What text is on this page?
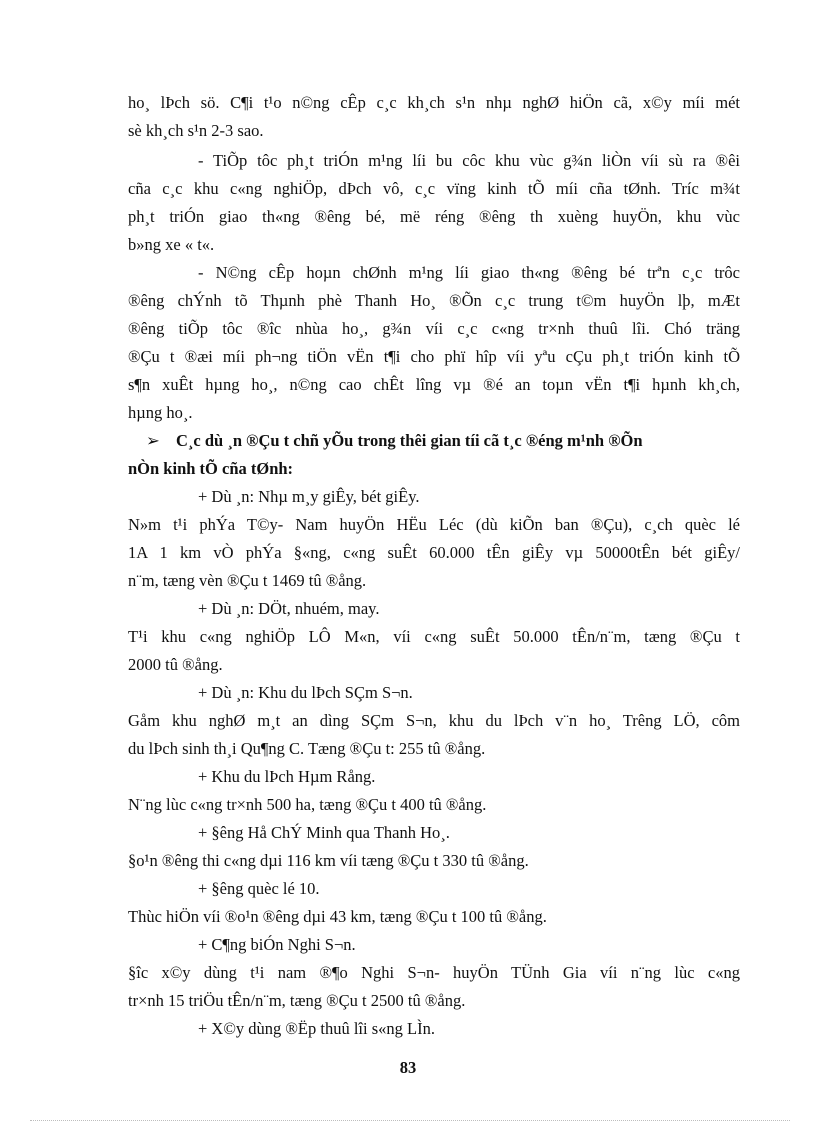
ho¸ lÞch sö. C¶i t¹o n©ng cÊp c¸c kh¸ch s¹n nhµ nghØ hiÖn cã, x©y míi mét
sè kh¸ch s¹n 2-3 sao.
- TiÕp tôc ph¸t triÓn m¹ng líi bu côc khu vùc g¾n liÒn víi sù ra ®êi
cña c¸c khu c«ng nghiÖp, dÞch vô, c¸c vïng kinh tÕ míi cña tØnh. Tríc m¾t
ph¸t triÓn giao th«ng ®êng bé, më réng ®êng th xuèng huyÖn, khu vùc
b»ng xe « t«.
- N©ng cÊp hoµn chØnh m¹ng líi giao th«ng ®êng bé trªn c¸c trôc
®êng chÝnh tõ Thµnh phè Thanh Ho¸ ®Õn c¸c trung t©m huyÖn lþ, mÆt
®êng tiÕp tôc ®îc nhùa ho¸, g¾n víi c¸c c«ng tr×nh thuû lîi. Chó träng
®Çu t ®æi míi ph¬ng tiÖn vËn t¶i cho phï hîp víi yªu cÇu ph¸t triÓn kinh tÕ
s¶n xuÊt hµng ho¸, n©ng cao chÊt lîng vµ ®é an toµn vËn t¶i hµnh kh¸ch,
hµng ho¸.
➢ C¸c dù ¸n ®Çu t chñ yÕu trong thêi gian tíi cã t¸c ®éng m¹nh ®Õn
nÒn kinh tÕ cña tØnh:
+ Dù ¸n: Nhµ m¸y giÊy, bét giÊy.
N»m t¹i phÝa T©y- Nam huyÖn HËu Léc (dù kiÕn ban ®Çu), c¸ch quèc lé
1A 1 km vÒ phÝa §«ng, c«ng suÊt 60.000 tÊn giÊy vµ 50000tÊn bét giÊy/
n¨m, tæng vèn ®Çu t 1469 tû ®ång.
+ Dù ¸n: DÖt, nhuém, may.
T¹i khu c«ng nghiÖp LÔ M«n, víi c«ng suÊt 50.000 tÊn/n¨m, tæng ®Çu t
2000 tû ®ång.
+ Dù ¸n: Khu du lÞch SÇm S¬n.
Gåm khu nghØ m¸t an dìng SÇm S¬n, khu du lÞch v¨n ho¸ Trêng LÖ, côm
du lÞch sinh th¸i Qu¶ng C. Tæng ®Çu t: 255 tû ®ång.
+ Khu du lÞch Hµm Rång.
N¨ng lùc c«ng tr×nh 500 ha, tæng ®Çu t 400 tû ®ång.
+ §êng Hå ChÝ Minh qua Thanh Ho¸.
§o¹n ®êng thi c«ng dµi 116 km víi tæng ®Çu t 330 tû ®ång.
+ §êng quèc lé 10.
Thùc hiÖn víi ®o¹n ®êng dµi 43 km, tæng ®Çu t 100 tû ®ång.
+ C¶ng biÓn Nghi S¬n.
§îc x©y dùng t¹i nam ®¶o Nghi S¬n- huyÖn TÜnh Gia víi n¨ng lùc c«ng
tr×nh 15 triÖu tÊn/n¨m, tæng ®Çu t 2500 tû ®ång.
+ X©y dùng ®Ëp thuû lîi s«ng LÌn.
83
